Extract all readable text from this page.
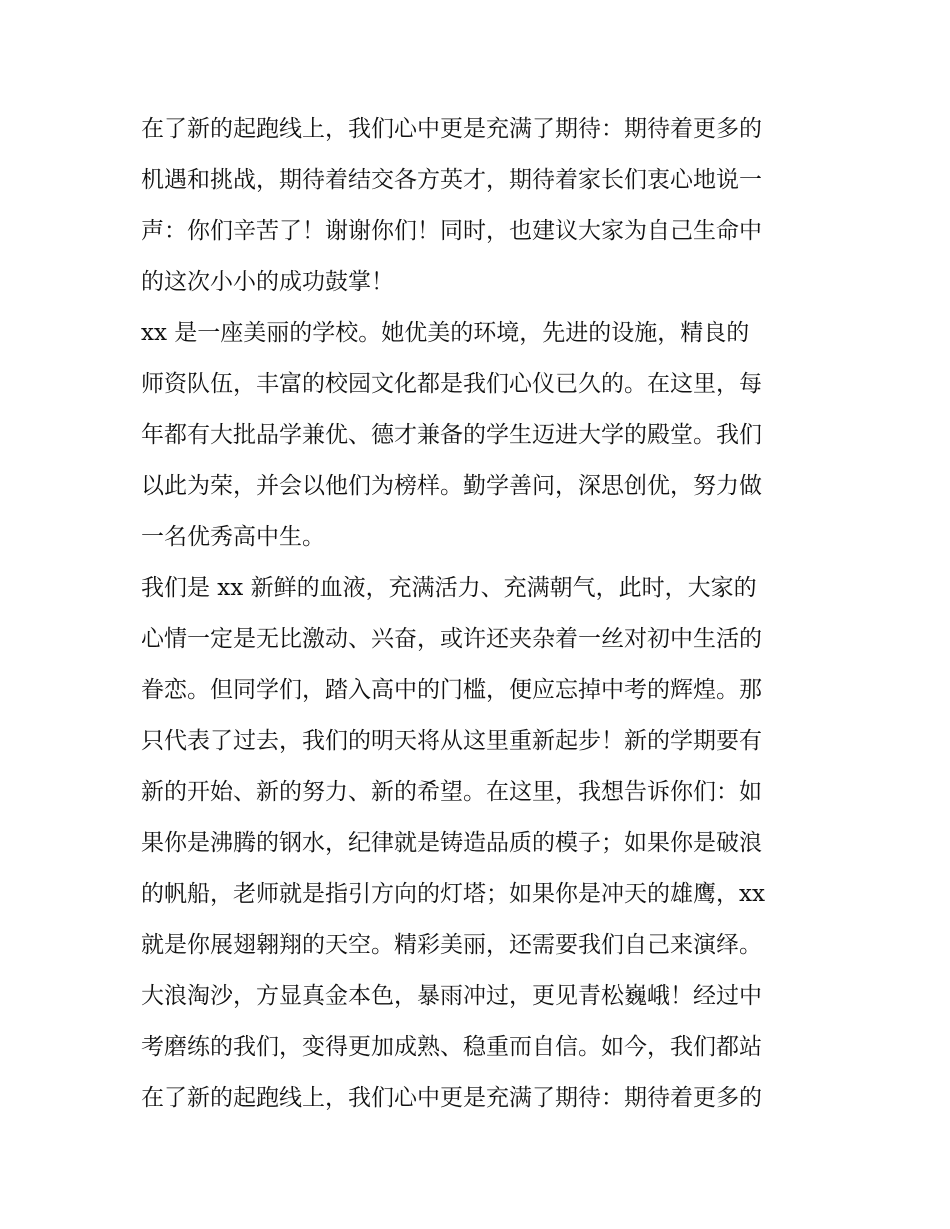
在了新的起跑线上，我们心中更是充满了期待：期待着更多的
机遇和挑战，期待着结交各方英才，期待着家长们衷心地说一
声：你们辛苦了！谢谢你们！同时，也建议大家为自己生命中
的这次小小的成功鼓掌！
xx 是一座美丽的学校。她优美的环境，先进的设施，精良的
师资队伍，丰富的校园文化都是我们心仪已久的。在这里，每
年都有大批品学兼优、德才兼备的学生迈进大学的殿堂。我们
以此为荣，并会以他们为榜样。勤学善问，深思创优，努力做
一名优秀高中生。
我们是 xx 新鲜的血液，充满活力、充满朝气，此时，大家的
心情一定是无比激动、兴奋，或许还夹杂着一丝对初中生活的
眷恋。但同学们，踏入高中的门槛，便应忘掉中考的辉煌。那
只代表了过去，我们的明天将从这里重新起步！新的学期要有
新的开始、新的努力、新的希望。在这里，我想告诉你们：如
果你是沸腾的钢水，纪律就是铸造品质的模子；如果你是破浪
的帆船，老师就是指引方向的灯塔；如果你是冲天的雄鹰，xx
就是你展翅翱翔的天空。精彩美丽，还需要我们自己来演绎。
大浪淘沙，方显真金本色，暴雨冲过，更见青松巍峨！经过中
考磨练的我们，变得更加成熟、稳重而自信。如今，我们都站
在了新的起跑线上，我们心中更是充满了期待：期待着更多的
